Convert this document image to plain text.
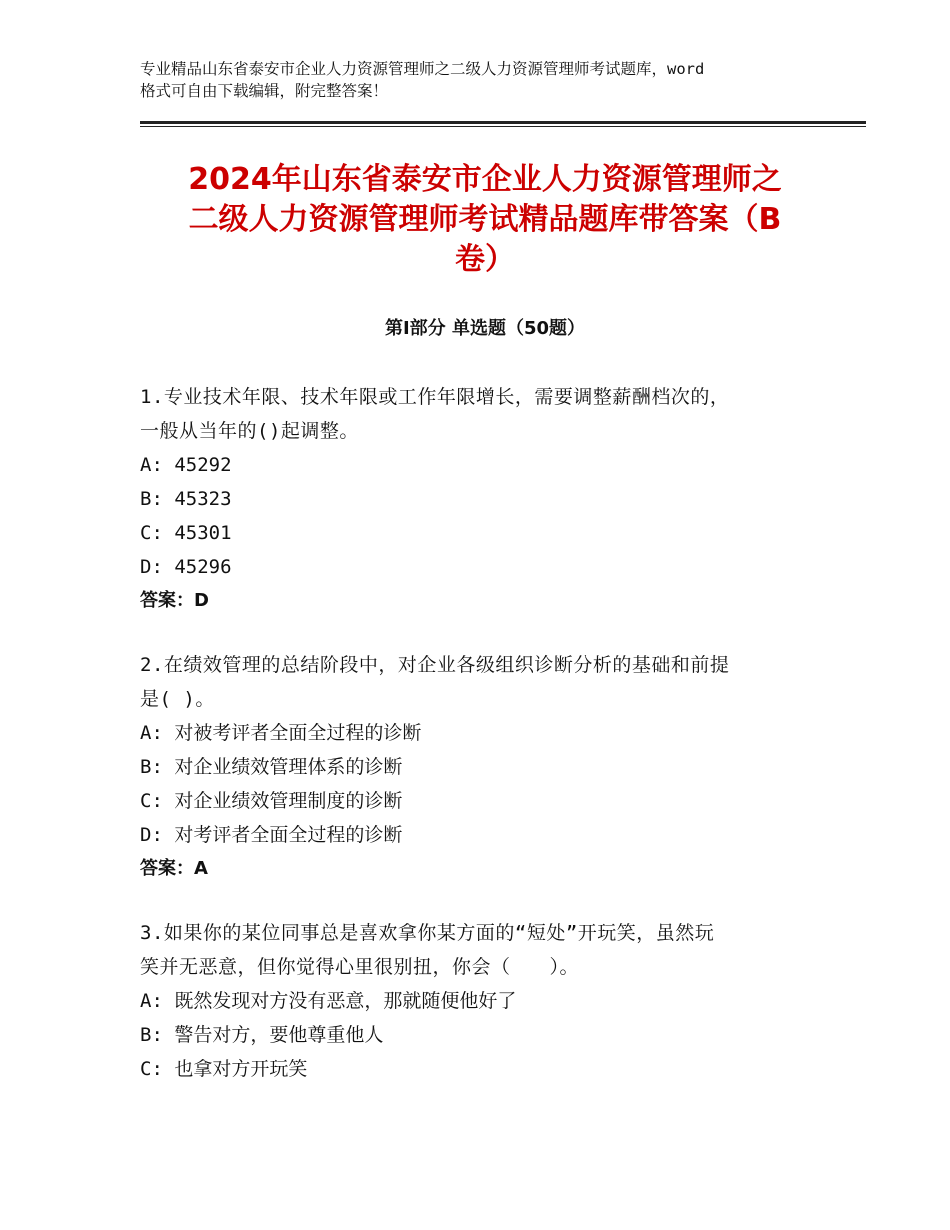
专业精品山东省泰安市企业人力资源管理师之二级人力资源管理师考试题库，word
格式可自由下载编辑，附完整答案！
2024年山东省泰安市企业人力资源管理师之
二级人力资源管理师考试精品题库带答案（B
卷）
第Ⅰ部分 单选题（50题）
1.专业技术年限、技术年限或工作年限增长，需要调整薪酬档次的，
一般从当年的()起调整。
A: 45292
B: 45323
C: 45301
D: 45296
答案：D
2.在绩效管理的总结阶段中，对企业各级组织诊断分析的基础和前提
是( )。
A: 对被考评者全面全过程的诊断
B: 对企业绩效管理体系的诊断
C: 对企业绩效管理制度的诊断
D: 对考评者全面全过程的诊断
答案：A
3.如果你的某位同事总是喜欢拿你某方面的“短处”开玩笑，虽然玩
笑并无恶意，但你觉得心里很别扭，你会（　　）。
A: 既然发现对方没有恶意，那就随便他好了
B: 警告对方，要他尊重他人
C: 也拿对方开玩笑
